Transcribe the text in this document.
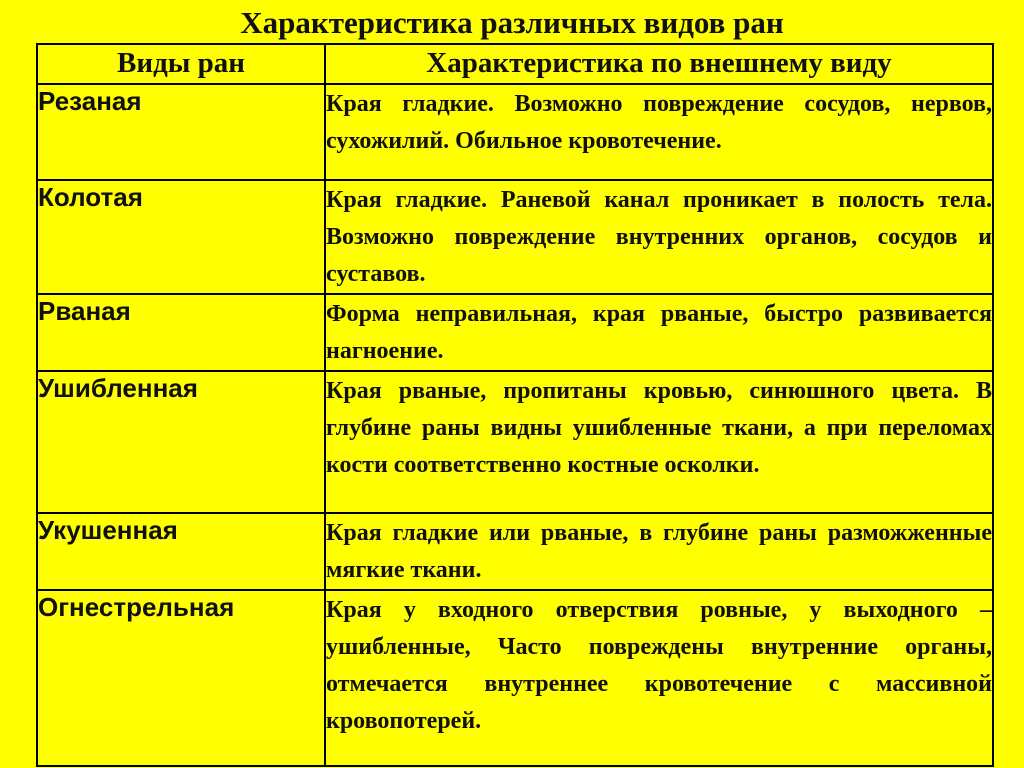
Характеристика различных видов ран
Виды ран	Характеристика по внешнему виду
Резаная	Края гладкие. Возможно повреждение сосудов, нервов, сухожилий. Обильное кровотечение.

Колотая	Края гладкие. Раневой канал проникает в полость тела. Возможно повреждение внутренних органов, сосудов и суставов.

Рваная	Форма неправильная, края рваные, быстро развивается нагноение.

Ушибленная	Края рваные, пропитаны кровью, синюшного цвета. В глубине раны видны ушибленные ткани, а при переломах кости соответственно костные осколки.

Укушенная	Края гладкие или рваные, в глубине раны разможженные мягкие ткани.

Огнестрельная	Края у входного отверствия ровные, у выходного – ушибленные, Часто повреждены внутренние органы, отмечается внутреннее кровотечение с массивной кровопотерей.
